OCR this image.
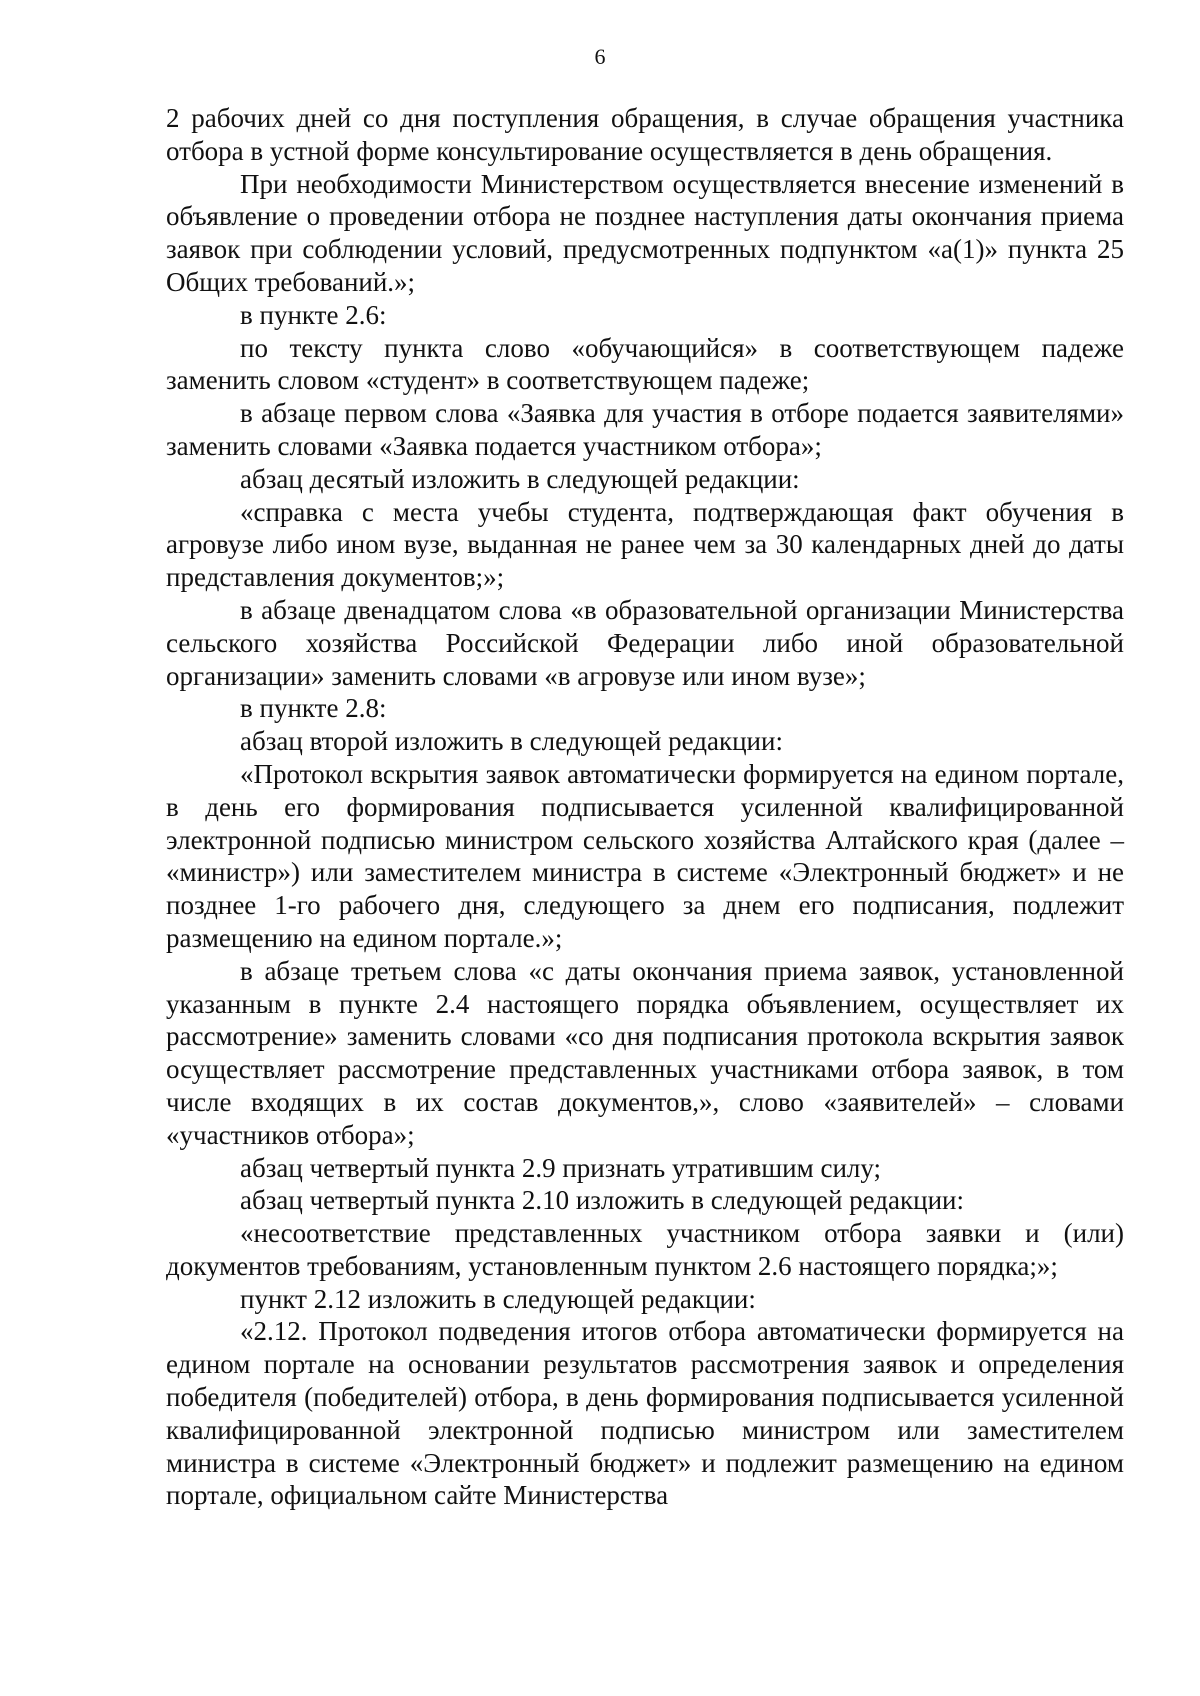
6

2 рабочих дней со дня поступления обращения, в случае обращения участника отбора в устной форме консультирование осуществляется в день обращения.

При необходимости Министерством осуществляется внесение изменений в объявление о проведении отбора не позднее наступления даты окончания приема заявок при соблюдении условий, предусмотренных подпунктом «а(1)» пункта 25 Общих требований.»;

в пункте 2.6:

по тексту пункта слово «обучающийся» в соответствующем падеже заменить словом «студент» в соответствующем падеже;

в абзаце первом слова «Заявка для участия в отборе подается заявителями» заменить словами «Заявка подается участником отбора»;

абзац десятый изложить в следующей редакции:

«справка с места учебы студента, подтверждающая факт обучения в агровузе либо ином вузе, выданная не ранее чем за 30 календарных дней до даты представления документов;»;

в абзаце двенадцатом слова «в образовательной организации Министерства сельского хозяйства Российской Федерации либо иной образовательной организации» заменить словами «в агровузе или ином вузе»;

в пункте 2.8:

абзац второй изложить в следующей редакции:

«Протокол вскрытия заявок автоматически формируется на едином портале, в день его формирования подписывается усиленной квалифицированной электронной подписью министром сельского хозяйства Алтайского края (далее – «министр») или заместителем министра в системе «Электронный бюджет» и не позднее 1-го рабочего дня, следующего за днем его подписания, подлежит размещению на едином портале.»;

в абзаце третьем слова «с даты окончания приема заявок, установленной указанным в пункте 2.4 настоящего порядка объявлением, осуществляет их рассмотрение» заменить словами «со дня подписания протокола вскрытия заявок осуществляет рассмотрение представленных участниками отбора заявок, в том числе входящих в их состав документов,», слово «заявителей» – словами «участников отбора»;

абзац четвертый пункта 2.9 признать утратившим силу;

абзац четвертый пункта 2.10 изложить в следующей редакции:

«несоответствие представленных участником отбора заявки и (или) документов требованиям, установленным пунктом 2.6 настоящего порядка;»;

пункт 2.12 изложить в следующей редакции:

«2.12. Протокол подведения итогов отбора автоматически формируется на едином портале на основании результатов рассмотрения заявок и определения победителя (победителей) отбора, в день формирования подписывается усиленной квалифицированной электронной подписью министром или заместителем министра в системе «Электронный бюджет» и подлежит размещению на едином портале, официальном сайте Министерства
